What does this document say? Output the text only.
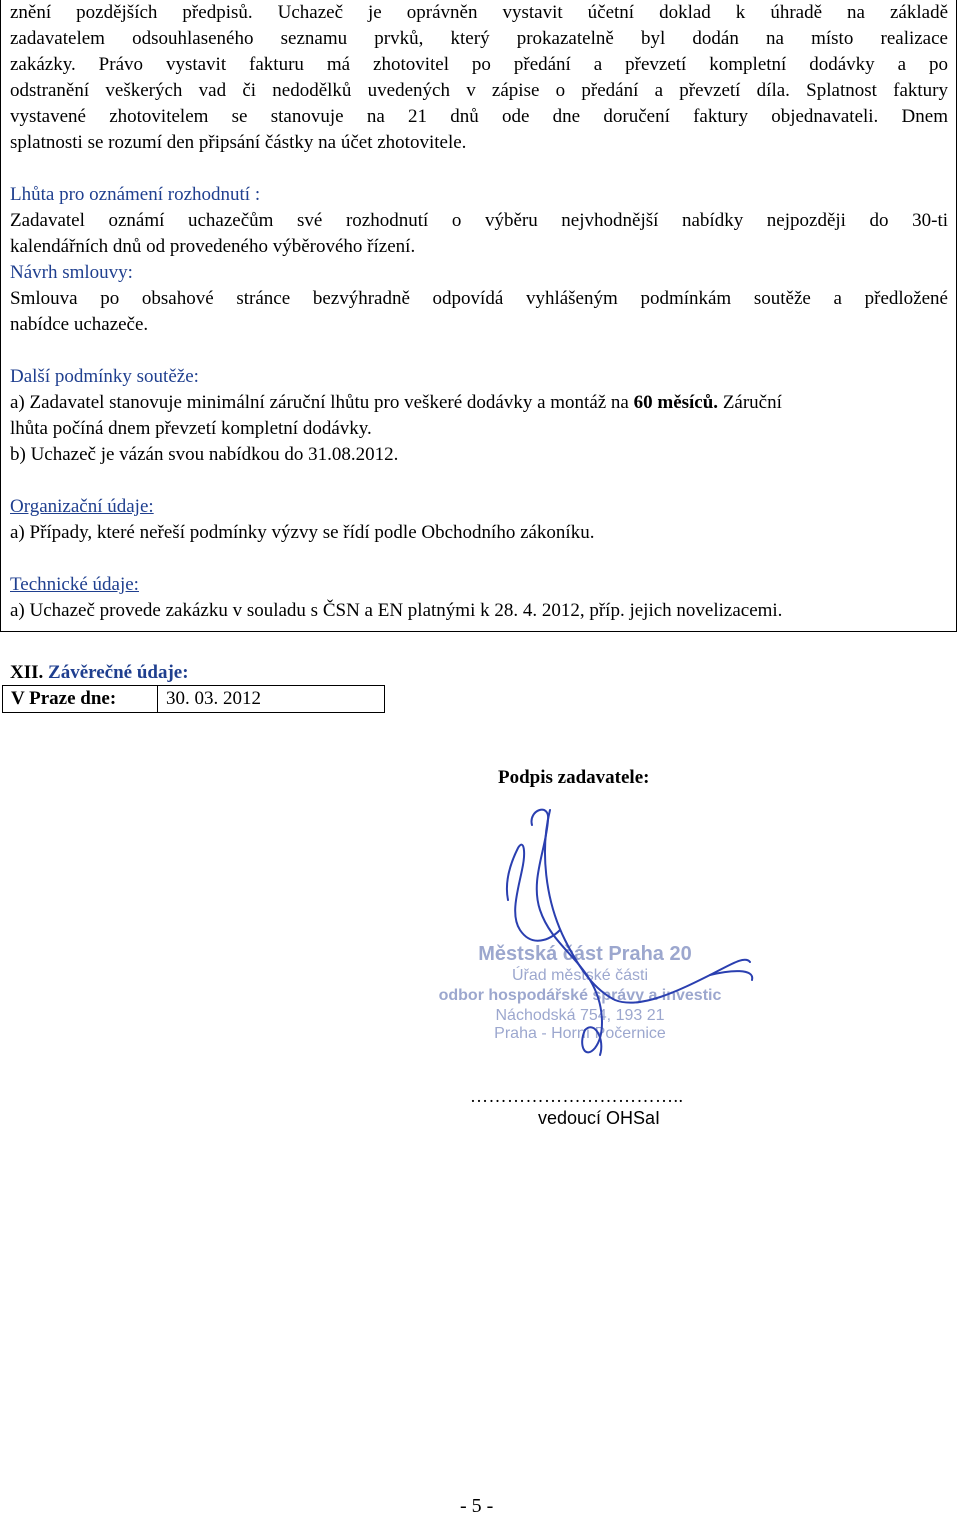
znění pozdějších předpisů. Uchazeč je oprávněn vystavit účetní doklad k úhradě na základě

zadavatelem odsouhlaseného seznamu prvků, který prokazatelně byl dodán na místo realizace

zakázky. Právo vystavit fakturu má zhotovitel po předání a převzetí kompletní dodávky a po

odstranění veškerých vad či nedodělků uvedených v zápise o předání a převzetí díla. Splatnost faktury

vystavené zhotovitelem se stanovuje na 21 dnů ode dne doručení faktury objednavateli. Dnem

splatnosti se rozumí den připsání částky na účet zhotovitele.

Lhůta pro oznámení rozhodnutí :

Zadavatel oznámí uchazečům své rozhodnutí o výběru nejvhodnější nabídky nejpozději do 30-ti

kalendářních dnů od provedeného výběrového řízení.

Návrh smlouvy:

Smlouva po obsahové stránce bezvýhradně odpovídá vyhlášeným podmínkám soutěže a předložené

nabídce uchazeče.

Další podmínky soutěže:

a) Zadavatel stanovuje minimální záruční lhůtu pro veškeré dodávky a montáž na 60 měsíců. Záruční

lhůta počíná dnem převzetí kompletní dodávky.

b) Uchazeč je vázán svou nabídkou do 31.08.2012.

Organizační údaje:

a) Případy, které neřeší podmínky výzvy se řídí podle Obchodního zákoníku.

Technické údaje:

a) Uchazeč provede zakázku v souladu s ČSN a EN platnými k 28. 4. 2012, příp. jejich novelizacemi.

XII. Závěrečné údaje:
V Praze dne:	30. 03. 2012
Podpis zadavatele:
Městská část Praha 20
Úřad městské části
odbor hospodářské správy a investic
Náchodská 754, 193 21
Praha - Horní Počernice
……………………………..
vedoucí OHSaI
- 5 -
